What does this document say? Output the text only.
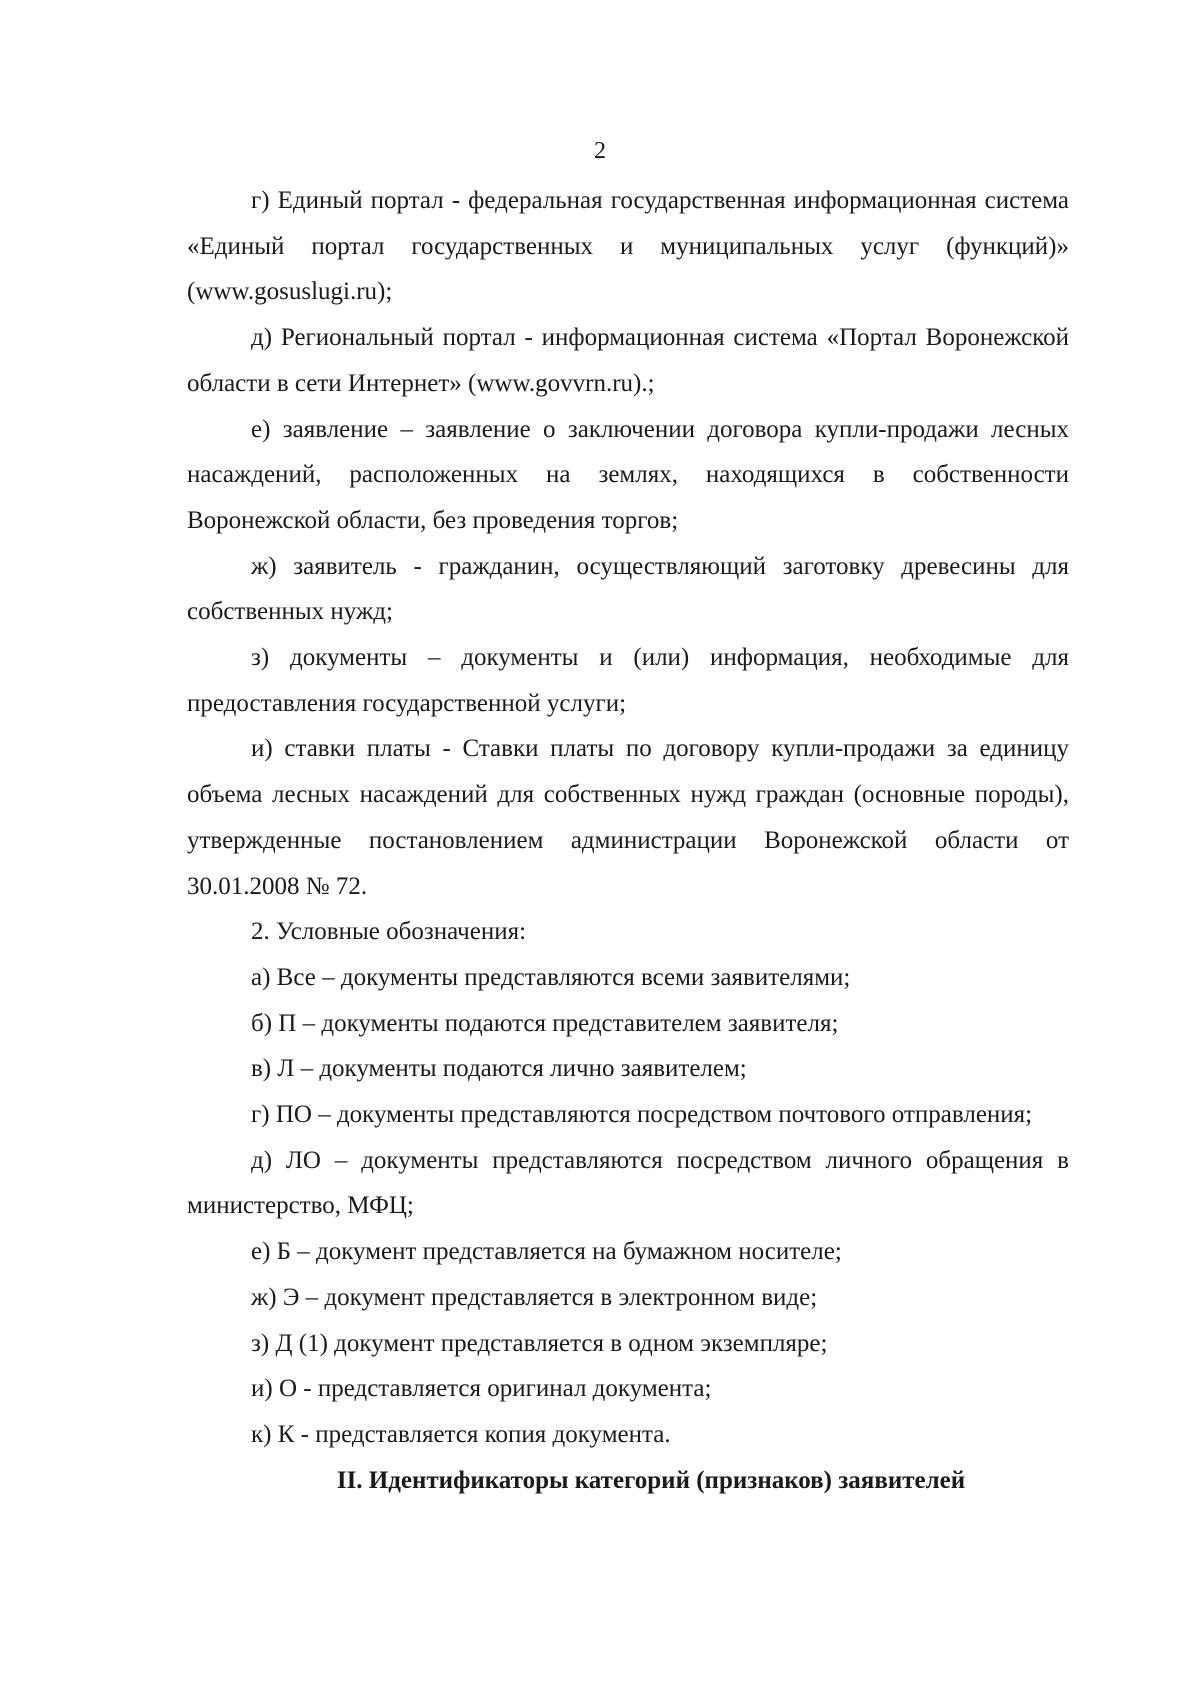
2

г) Единый портал - федеральная государственная информационная система «Единый портал государственных и муниципальных услуг (функций)» (www.gosuslugi.ru);

д) Региональный портал - информационная система «Портал Воронежской области в сети Интернет» (www.govvrn.ru).;

е) заявление – заявление о заключении договора купли-продажи лесных насаждений, расположенных на землях, находящихся в собственности Воронежской области, без проведения торгов;

ж) заявитель - гражданин, осуществляющий заготовку древесины для собственных нужд;

з) документы – документы и (или) информация, необходимые для предоставления государственной услуги;

и) ставки платы - Ставки платы по договору купли-продажи за единицу объема лесных насаждений для собственных нужд граждан (основные породы), утвержденные постановлением администрации Воронежской области от 30.01.2008 № 72.

2. Условные обозначения:

а) Все – документы представляются всеми заявителями;

б) П – документы подаются представителем заявителя;

в) Л – документы подаются лично заявителем;

г) ПО – документы представляются посредством почтового отправления;

д) ЛО – документы представляются посредством личного обращения в министерство, МФЦ;

е) Б – документ представляется на бумажном носителе;

ж) Э – документ представляется в электронном виде;

з) Д (1) документ представляется в одном экземпляре;

и) О - представляется оригинал документа;

к) К - представляется копия документа.

II. Идентификаторы категорий (признаков) заявителей
